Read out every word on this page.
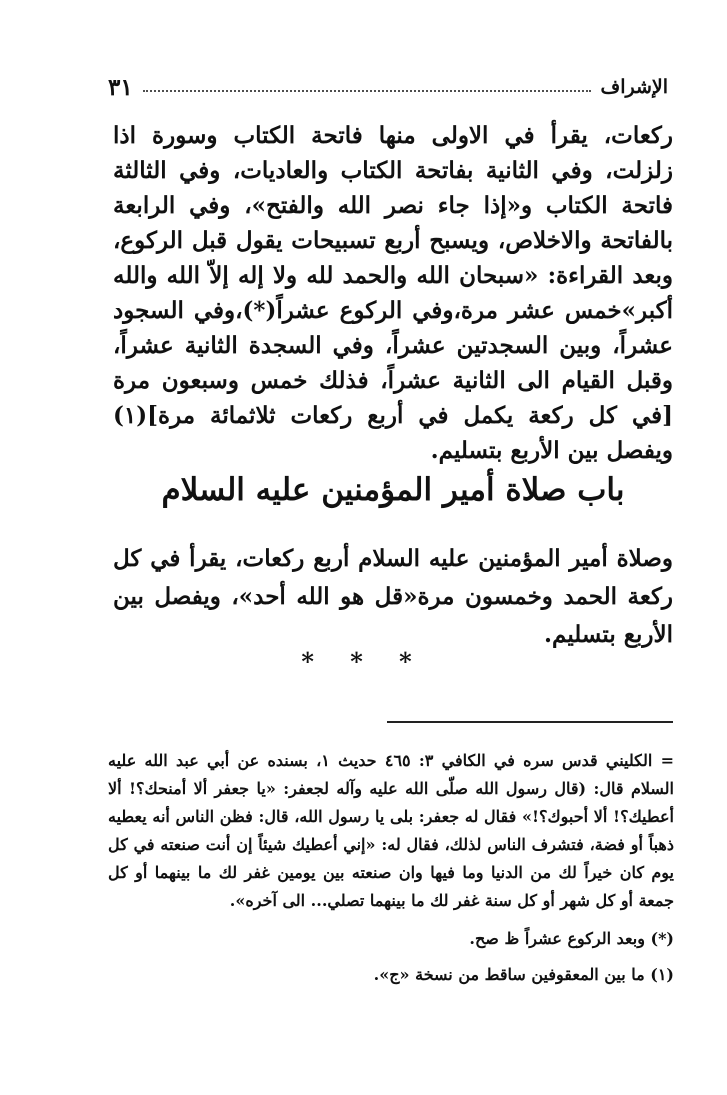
٣١	الإشراف

ركعات، يقرأ في الاولى منها فاتحة الكتاب وسورة اذا زلزلت، وفي الثانية بفاتحة الكتاب والعاديات، وفي الثالثة فاتحة الكتاب و«إذا جاء نصر الله والفتح»، وفي الرابعة بالفاتحة والاخلاص، ويسبح أربع تسبيحات يقول قبل الركوع، وبعد القراءة: «سبحان الله والحمد لله ولا إله إلاّ الله والله أكبر»خمس عشر مرة،وفي الركوع عشراً(*)،وفي السجود عشراً، وبين السجدتين عشراً، وفي السجدة الثانية عشراً، وقبل القيام الى الثانية عشراً، فذلك خمس وسبعون مرة [في كل ركعة يكمل في أربع ركعات ثلاثمائة مرة](١) ويفصل بين الأربع بتسليم.

باب صلاة أمير المؤمنين عليه السلام

وصلاة أمير المؤمنين عليه السلام أربع ركعات، يقرأ في كل ركعة الحمد وخمسون مرة«قل هو الله أحد»، ويفصل بين الأربع بتسليم.

* * *

= الكليني قدس سره في الكافي ٣: ٤٦٥ حديث ١، بسنده عن أبي عبد الله عليه السلام قال: (قال رسول الله صلّى الله عليه وآله لجعفر: «يا جعفر ألا أمنحك؟! ألا أعطيك؟! ألا أحبوك؟!» فقال له جعفر: بلى يا رسول الله، قال: فظن الناس أنه يعطيه ذهباً أو فضة، فتشرف الناس لذلك، فقال له: «إني أعطيك شيئاً إن أنت صنعته في كل يوم كان خيراً لك من الدنيا وما فيها وان صنعته بين يومين غفر لك ما بينهما أو كل جمعة أو كل شهر أو كل سنة غفر لك ما بينهما تصلي... الى آخره».

(*) وبعد الركوع عشراً ظ صح.

(١) ما بين المعقوفين ساقط من نسخة «ج».
